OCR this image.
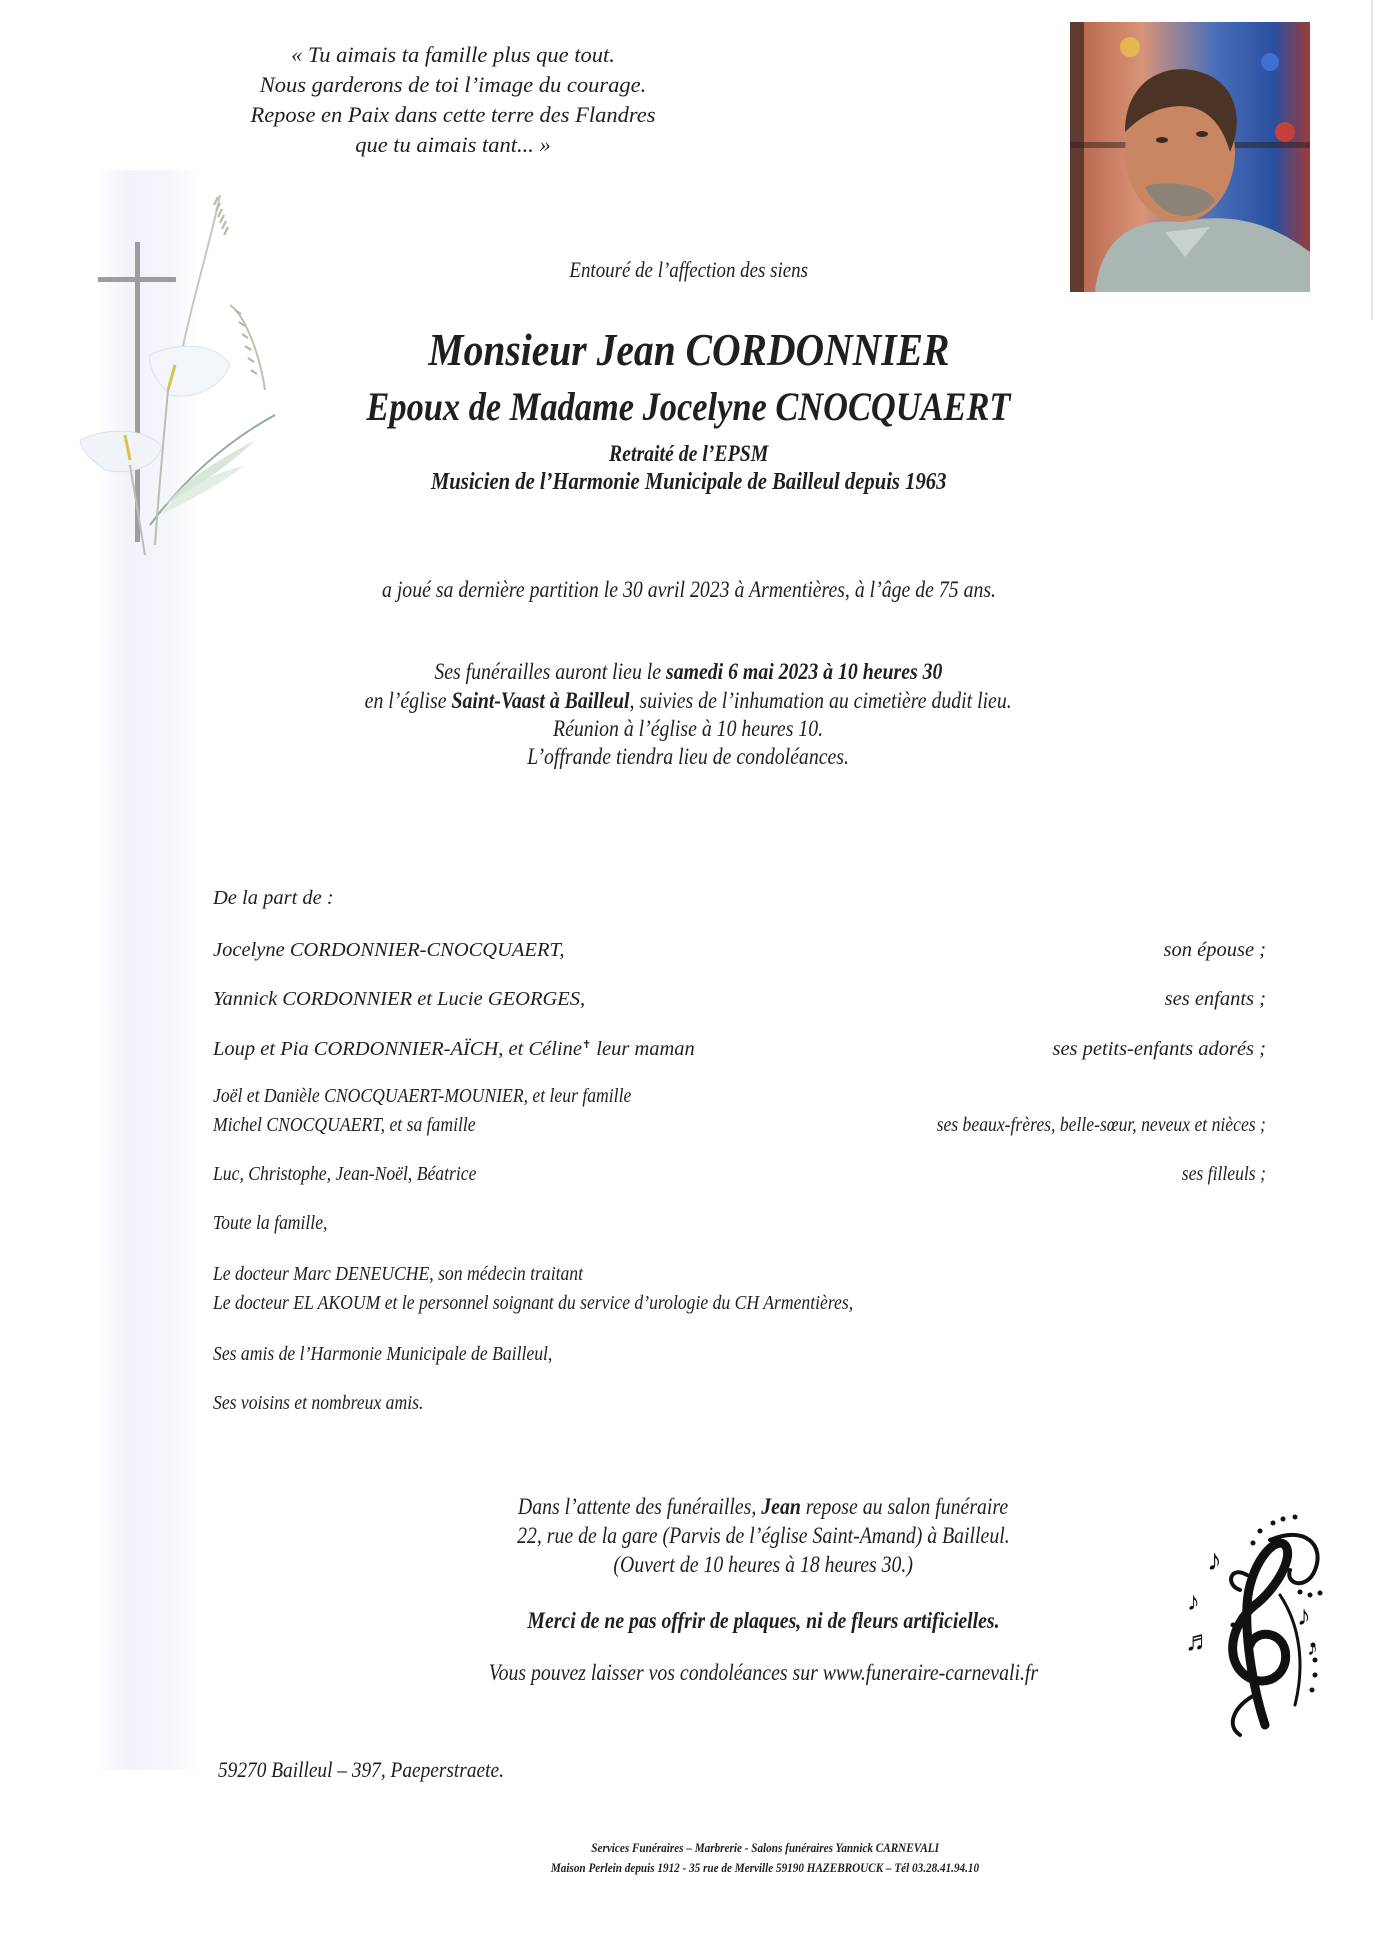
« Tu aimais ta famille plus que tout.
Nous garderons de toi l’image du courage.
Repose en Paix dans cette terre des Flandres
que tu aimais tant... »
Entouré de l’affection des siens
Monsieur Jean CORDONNIER
Epoux de Madame Jocelyne CNOCQUAERT
Retraité de l’EPSM
Musicien de l’Harmonie Municipale de Bailleul depuis 1963
a joué sa dernière partition le 30 avril 2023 à Armentières, à l’âge de 75 ans.
Ses funérailles auront lieu le samedi 6 mai 2023 à 10 heures 30
en l’église Saint-Vaast à Bailleul, suivies de l’inhumation au cimetière dudit lieu.
Réunion à l’église à 10 heures 10.
L’offrande tiendra lieu de condoléances.
De la part de :
Jocelyne CORDONNIER-CNOCQUAERT,	son épouse ;
Yannick CORDONNIER et Lucie GEORGES,	ses enfants ;
Loup et Pia CORDONNIER-AÏCH, et Céline✝ leur maman	ses petits-enfants adorés ;
Joël et Danièle CNOCQUAERT-MOUNIER, et leur famille
Michel CNOCQUAERT, et sa famille	ses beaux-frères, belle-sœur, neveux et nièces ;
Luc, Christophe, Jean-Noël, Béatrice	ses filleuls ;
Toute la famille,
Le docteur Marc DENEUCHE, son médecin traitant
Le docteur EL AKOUM et le personnel soignant du service d’urologie du CH Armentières,
Ses amis de l’Harmonie Municipale de Bailleul,
Ses voisins et nombreux amis.
Dans l’attente des funérailles, Jean repose au salon funéraire
22, rue de la gare (Parvis de l’église Saint-Amand) à Bailleul.
(Ouvert de 10 heures à 18 heures 30.)
Merci de ne pas offrir de plaques, ni de fleurs artificielles.
Vous pouvez laisser vos condoléances sur www.funeraire-carnevali.fr
♪
♪
♬
♪
♪
59270 Bailleul – 397, Paeperstraete.
Services Funéraires – Marbrerie - Salons funéraires Yannick CARNEVALI
Maison Perlein depuis 1912 - 35 rue de Merville 59190 HAZEBROUCK – Tél 03.28.41.94.10
